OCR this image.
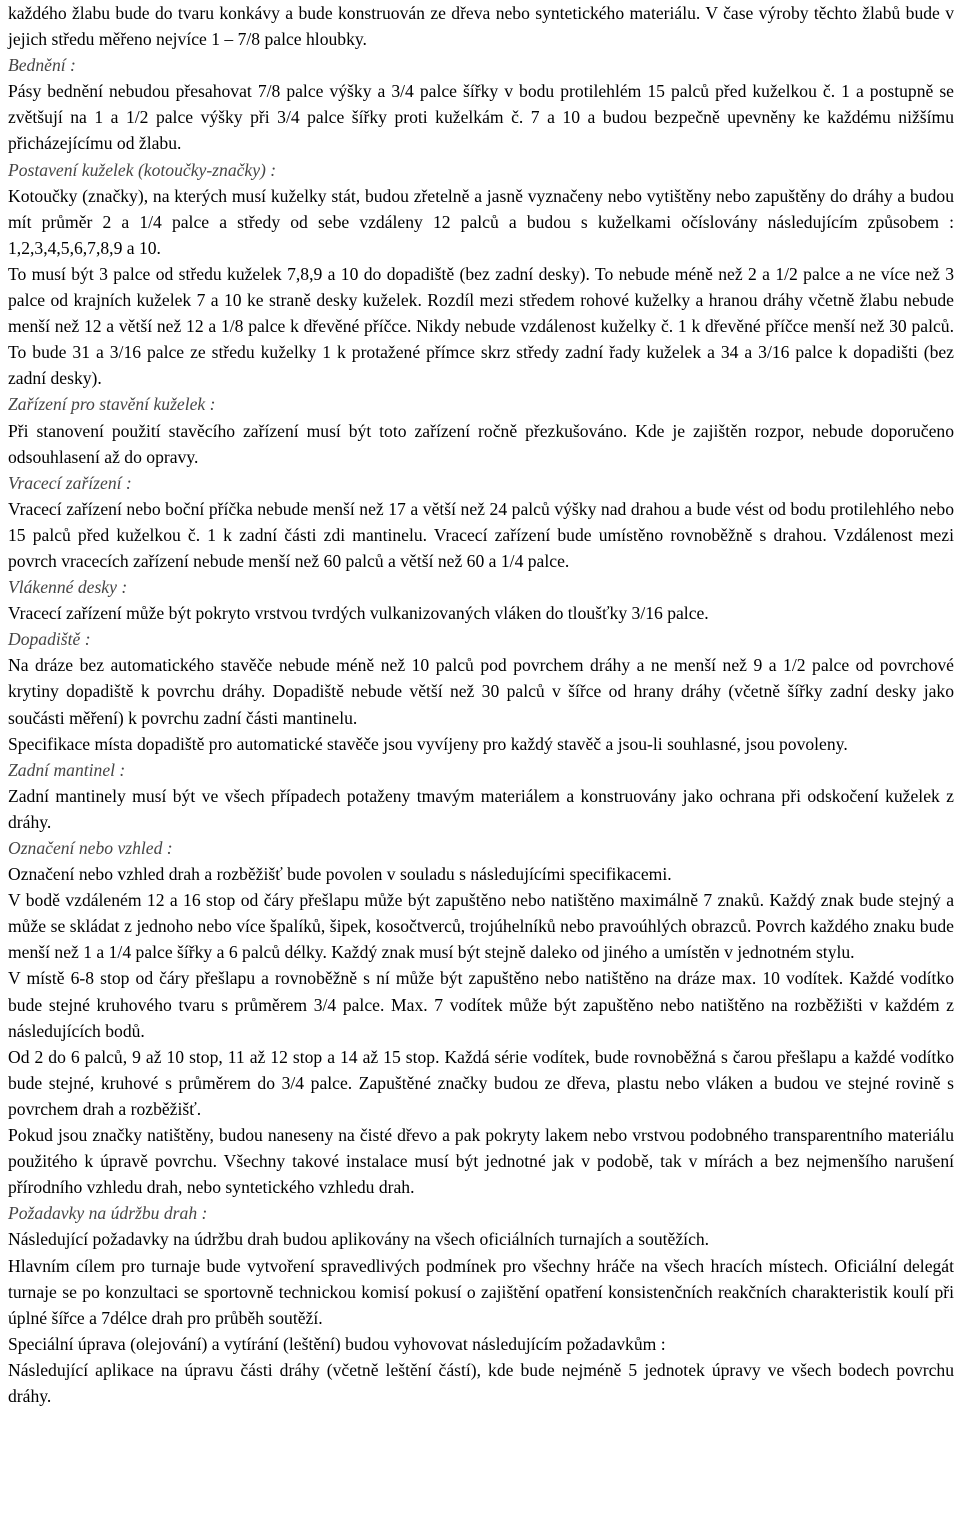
každého žlabu bude do tvaru konkávy a bude konstruován ze dřeva nebo syntetického materiálu. V čase výroby těchto žlabů bude v jejich středu měřeno nejvíce 1 – 7/8 palce hloubky.

Bednění :

Pásy bednění nebudou přesahovat 7/8 palce výšky a 3/4 palce šířky v bodu protilehlém 15 palců před kuželkou č. 1 a postupně se zvětšují na 1 a 1/2 palce výšky při 3/4 palce šířky proti kuželkám č. 7 a 10 a budou bezpečně upevněny ke každému nižšímu přicházejícímu od žlabu.

Postavení kuželek (kotoučky-značky) :

Kotoučky (značky), na kterých musí kuželky stát, budou zřetelně a jasně vyznačeny nebo vytištěny nebo zapuštěny do dráhy a budou mít průměr 2 a 1/4 palce a středy od sebe vzdáleny 12 palců a budou s kuželkami očíslovány následujícím způsobem : 1,2,3,4,5,6,7,8,9 a 10.

To musí být 3 palce od středu kuželek 7,8,9 a 10 do dopadiště (bez zadní desky). To nebude méně než 2 a 1/2 palce a ne více než 3 palce od krajních kuželek 7 a 10 ke straně desky kuželek. Rozdíl mezi středem rohové kuželky a hranou dráhy včetně žlabu nebude menší než 12 a větší než 12 a 1/8 palce k dřevěné příčce. Nikdy nebude vzdálenost kuželky č. 1 k dřevěné příčce menší než 30 palců. To bude 31 a 3/16 palce ze středu kuželky 1 k protažené přímce skrz středy zadní řady kuželek a 34 a 3/16 palce k dopadišti (bez zadní desky).

Zařízení pro stavění kuželek :

Při stanovení použití stavěcího zařízení musí být toto zařízení ročně přezkušováno. Kde je zajištěn rozpor, nebude doporučeno odsouhlasení až do opravy.

Vracecí zařízení :

Vracecí zařízení nebo boční příčka nebude menší než 17 a větší než 24 palců výšky nad drahou a bude vést od bodu protilehlého nebo 15 palců před kuželkou č. 1 k zadní části zdi mantinelu. Vracecí zařízení bude umístěno rovnoběžně s drahou. Vzdálenost mezi povrch vracecích zařízení nebude menší než 60 palců a větší než 60 a 1/4 palce.

Vlákenné desky :

Vracecí zařízení může být pokryto vrstvou tvrdých vulkanizovaných vláken do tloušťky 3/16 palce.

Dopadiště :

Na dráze bez automatického stavěče nebude méně než 10 palců pod povrchem dráhy a ne menší než 9 a 1/2 palce od povrchové krytiny dopadiště k povrchu dráhy. Dopadiště nebude větší než 30 palců v šířce od hrany dráhy (včetně šířky zadní desky jako součásti měření) k povrchu zadní části mantinelu.

Specifikace místa dopadiště pro automatické stavěče jsou vyvíjeny pro každý stavěč a jsou-li souhlasné, jsou povoleny.

Zadní mantinel :

Zadní mantinely musí být ve všech případech potaženy tmavým materiálem a konstruovány jako ochrana při odskočení kuželek z dráhy.

Označení nebo vzhled :

Označení nebo vzhled drah a rozběžišť bude povolen v souladu s následujícími specifikacemi.

V bodě vzdáleném 12 a 16 stop od čáry přešlapu může být zapuštěno nebo natištěno maximálně 7 znaků. Každý znak bude stejný a může se skládat z jednoho nebo více špalíků, šipek, kosočtverců, trojúhelníků nebo pravoúhlých obrazců. Povrch každého znaku bude menší než 1 a 1/4 palce šířky a 6 palců délky. Každý znak musí být stejně daleko od jiného a umístěn v jednotném stylu.

V místě 6-8 stop od čáry přešlapu a rovnoběžně s ní může být zapuštěno nebo natištěno na dráze max. 10 vodítek. Každé vodítko bude stejné kruhového tvaru s průměrem 3/4 palce. Max. 7 vodítek může být zapuštěno nebo natištěno na rozběžišti v každém z následujících bodů.

Od 2 do 6 palců, 9 až 10 stop, 11 až 12 stop a 14 až 15 stop. Každá série vodítek, bude rovnoběžná s čarou přešlapu a každé vodítko bude stejné, kruhové s průměrem do 3/4 palce. Zapuštěné značky budou ze dřeva, plastu nebo vláken a budou ve stejné rovině s povrchem drah a rozběžišť.

Pokud jsou značky natištěny, budou naneseny na čisté dřevo a pak pokryty lakem nebo vrstvou podobného transparentního materiálu použitého k úpravě povrchu. Všechny takové instalace musí být jednotné jak v podobě, tak v mírách a bez nejmenšího narušení přírodního vzhledu drah, nebo syntetického vzhledu drah.

Požadavky na údržbu drah :

Následující požadavky na údržbu drah budou aplikovány na všech oficiálních turnajích a soutěžích.

Hlavním cílem pro turnaje bude vytvoření spravedlivých podmínek pro všechny hráče na všech hracích místech. Oficiální delegát turnaje se po konzultaci se sportovně technickou komisí pokusí o zajištění opatření konsistenčních reakčních charakteristik koulí při úplné šířce a 7délce drah pro průběh soutěží.

Speciální úprava (olejování) a vytírání (leštění) budou vyhovovat následujícím požadavkům :

Následující aplikace na úpravu části dráhy (včetně leštění částí), kde bude nejméně 5 jednotek úpravy ve všech bodech povrchu dráhy.
